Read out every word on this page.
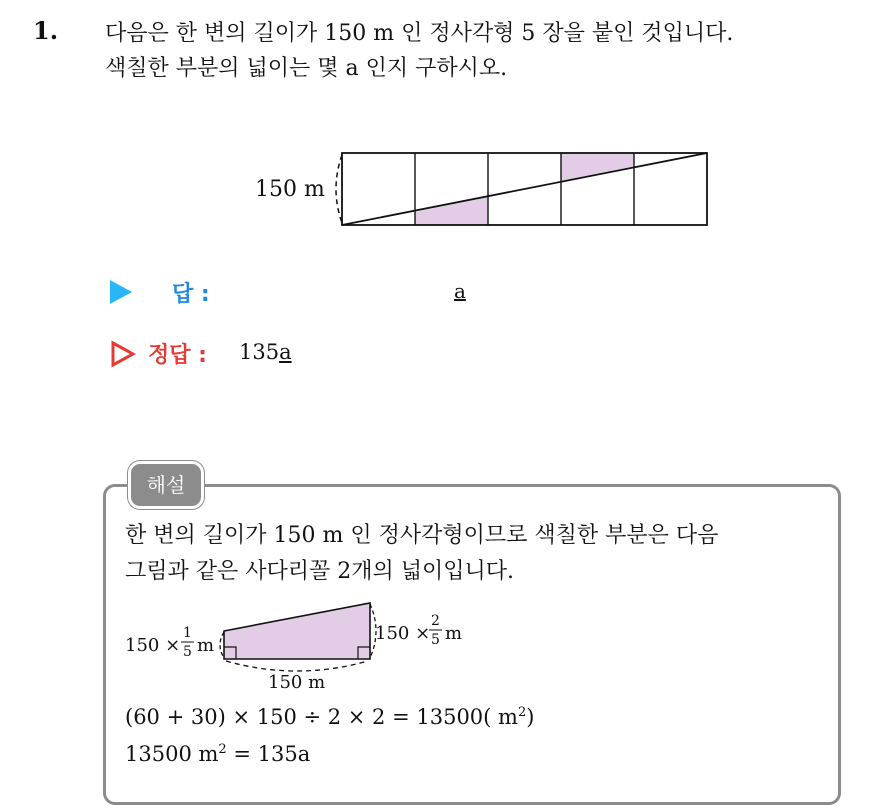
1. 다음은 한 변의 길이가 150 m 인 정사각형 5 장을 붙인 것입니다.
색칠한 부분의 넓이는 몇 a 인지 구하시오.
150 m
답 :	a
정답 : 135a
해설
한 변의 길이가 150 m 인 정사각형이므로 색칠한 부분은 다음
그림과 같은 사다리꼴 2개의 넓이입니다.
150 ×
1
5 m
150 ×
2
5 m
150 m
(60 + 30) × 150 ÷ 2 × 2 = 13500( $m^2$)
13500 $m^2 = 135a$
